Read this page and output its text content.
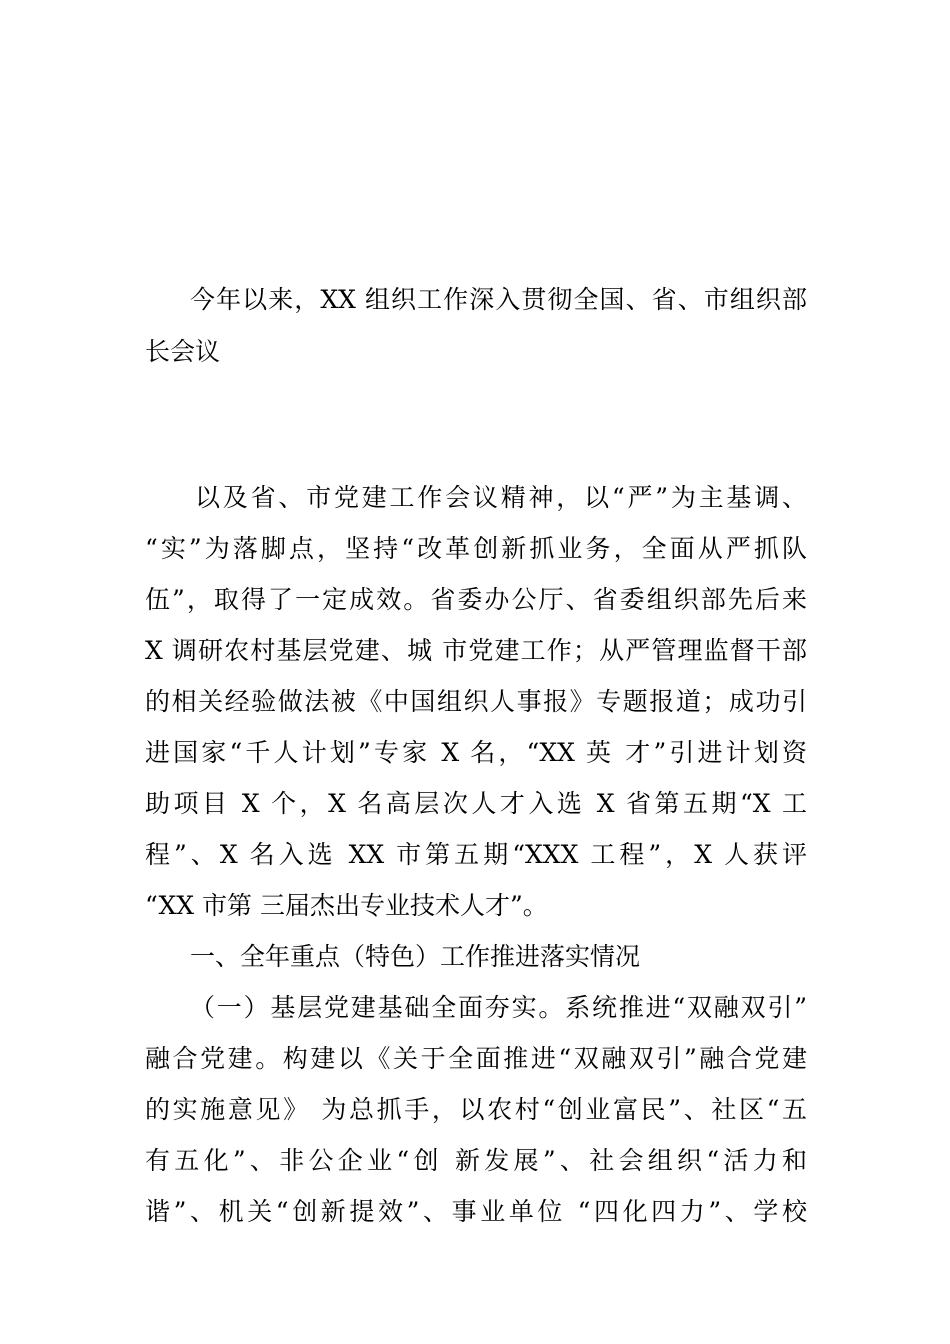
今年以来，XX 组织工作深入贯彻全国、省、市组织部
长会议
以及省、市党建工作会议精神，以“严”为主基调、
“实”为落脚点，坚持“改革创新抓业务，全面从严抓队
伍”，取得了一定成效。省委办公厅、省委组织部先后来
X 调研农村基层党建、城 市党建工作；从严管理监督干部
的相关经验做法被《中国组织人事报》专题报道；成功引
进国家“千人计划”专家 X 名，“XX 英 才”引进计划资
助项目 X 个，X 名高层次人才入选 X 省第五期“X 工
程”、X 名入选 XX 市第五期“XXX 工程”，X 人获评
“XX 市第 三届杰出专业技术人才”。
一、全年重点（特色）工作推进落实情况
（一）基层党建基础全面夯实。系统推进“双融双引”
融合党建。构建以《关于全面推进“双融双引”融合党建
的实施意见》 为总抓手，以农村“创业富民”、社区“五
有五化”、非公企业“创 新发展”、社会组织“活力和
谐”、机关“创新提效”、事业单位 “四化四力”、学校
